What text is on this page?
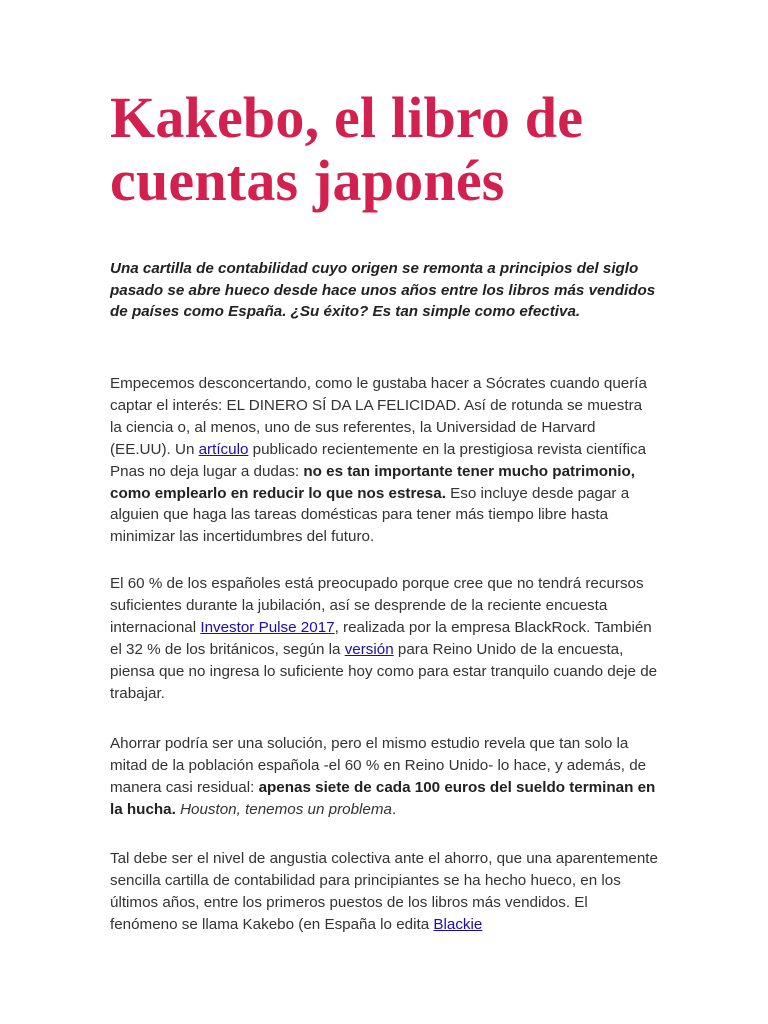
Kakebo, el libro de
cuentas japonés

Una cartilla de contabilidad cuyo origen se remonta a principios del siglo pasado se abre hueco desde hace unos años entre los libros más vendidos de países como España. ¿Su éxito? Es tan simple como efectiva.

Empecemos desconcertando, como le gustaba hacer a Sócrates cuando quería captar el interés: EL DINERO SÍ DA LA FELICIDAD. Así de rotunda se muestra la ciencia o, al menos, uno de sus referentes, la Universidad de Harvard (EE.UU). Un artículo publicado recientemente en la prestigiosa revista científica Pnas no deja lugar a dudas: no es tan importante tener mucho patrimonio, como emplearlo en reducir lo que nos estresa. Eso incluye desde pagar a alguien que haga las tareas domésticas para tener más tiempo libre hasta minimizar las incertidumbres del futuro.

El 60 % de los españoles está preocupado porque cree que no tendrá recursos suficientes durante la jubilación, así se desprende de la reciente encuesta internacional Investor Pulse 2017, realizada por la empresa BlackRock. También el 32 % de los británicos, según la versión para Reino Unido de la encuesta, piensa que no ingresa lo suficiente hoy como para estar tranquilo cuando deje de trabajar.

Ahorrar podría ser una solución, pero el mismo estudio revela que tan solo la mitad de la población española -el 60 % en Reino Unido- lo hace, y además, de manera casi residual: apenas siete de cada 100 euros del sueldo terminan en la hucha. Houston, tenemos un problema.

Tal debe ser el nivel de angustia colectiva ante el ahorro, que una aparentemente sencilla cartilla de contabilidad para principiantes se ha hecho hueco, en los últimos años, entre los primeros puestos de los libros más vendidos. El fenómeno se llama Kakebo (en España lo edita Blackie
